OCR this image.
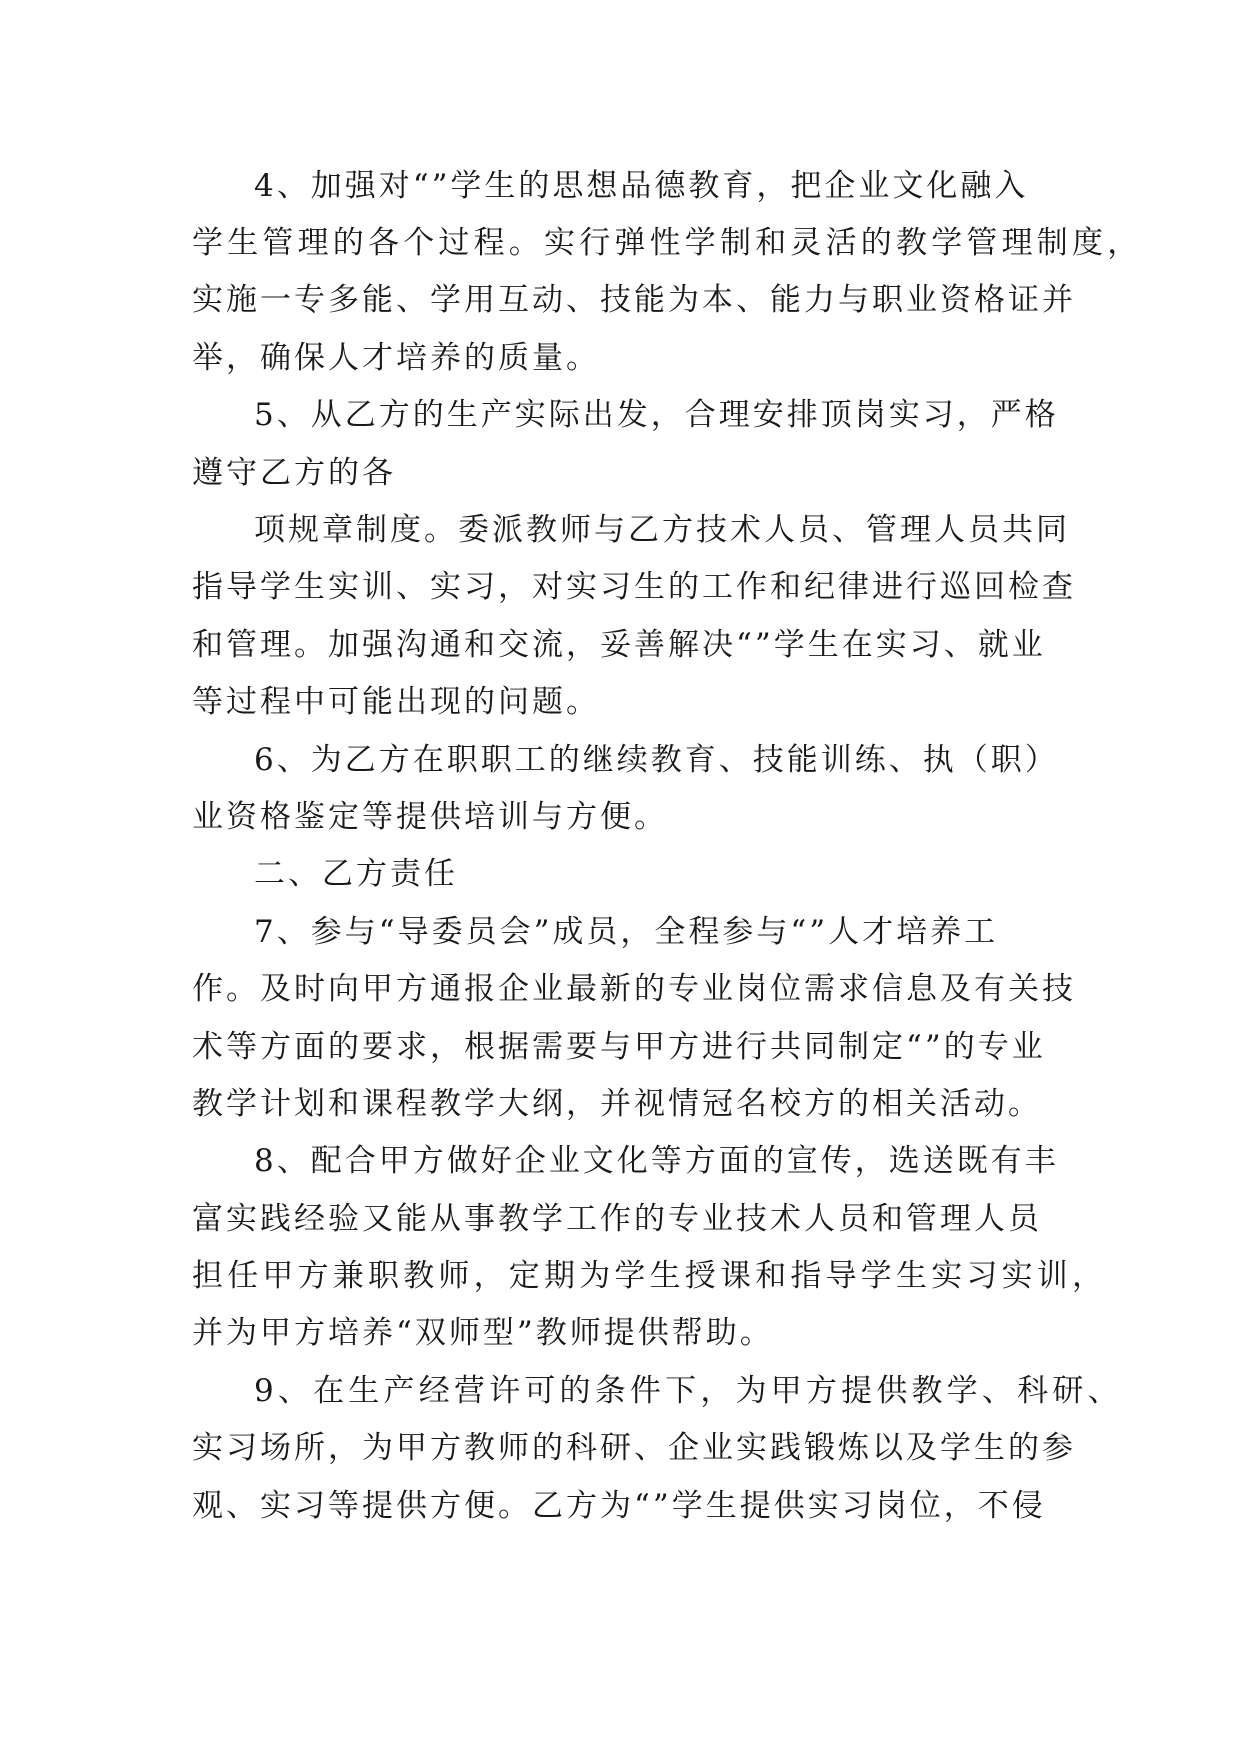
4、加强对“”学生的思想品德教育，把企业文化融入
学生管理的各个过程。实行弹性学制和灵活的教学管理制度，
实施一专多能、学用互动、技能为本、能力与职业资格证并
举，确保人才培养的质量。
5、从乙方的生产实际出发，合理安排顶岗实习，严格
遵守乙方的各
项规章制度。委派教师与乙方技术人员、管理人员共同
指导学生实训、实习，对实习生的工作和纪律进行巡回检查
和管理。加强沟通和交流，妥善解决“”学生在实习、就业
等过程中可能出现的问题。
6、为乙方在职职工的继续教育、技能训练、执（职）
业资格鉴定等提供培训与方便。
二、乙方责任
7、参与“导委员会”成员，全程参与“”人才培养工
作。及时向甲方通报企业最新的专业岗位需求信息及有关技
术等方面的要求，根据需要与甲方进行共同制定“”的专业
教学计划和课程教学大纲，并视情冠名校方的相关活动。
8、配合甲方做好企业文化等方面的宣传，选送既有丰
富实践经验又能从事教学工作的专业技术人员和管理人员
担任甲方兼职教师，定期为学生授课和指导学生实习实训，
并为甲方培养“双师型”教师提供帮助。
9、在生产经营许可的条件下，为甲方提供教学、科研、
实习场所，为甲方教师的科研、企业实践锻炼以及学生的参
观、实习等提供方便。乙方为“”学生提供实习岗位，不侵
